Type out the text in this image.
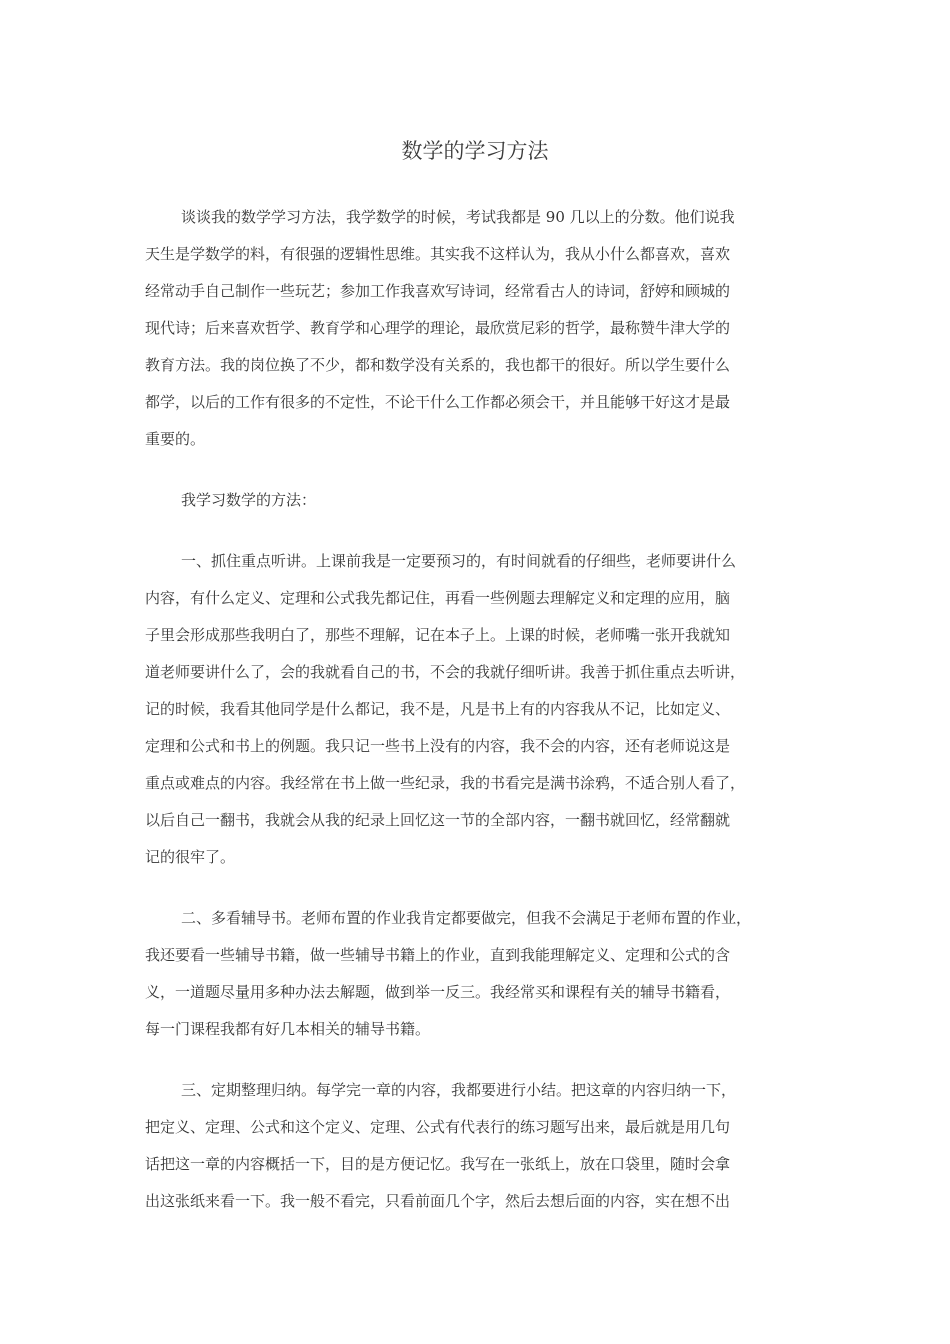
数学的学习方法
谈谈我的数学学习方法，我学数学的时候，考试我都是 90 几以上的分数。他们说我
天生是学数学的料，有很强的逻辑性思维。其实我不这样认为，我从小什么都喜欢，喜欢
经常动手自己制作一些玩艺；参加工作我喜欢写诗词，经常看古人的诗词，舒婷和顾城的
现代诗；后来喜欢哲学、教育学和心理学的理论，最欣赏尼彩的哲学，最称赞牛津大学的
教育方法。我的岗位换了不少，都和数学没有关系的，我也都干的很好。所以学生要什么
都学，以后的工作有很多的不定性，不论干什么工作都必须会干，并且能够干好这才是最
重要的。
我学习数学的方法：
一、抓住重点听讲。上课前我是一定要预习的，有时间就看的仔细些，老师要讲什么
内容，有什么定义、定理和公式我先都记住，再看一些例题去理解定义和定理的应用，脑
子里会形成那些我明白了，那些不理解，记在本子上。上课的时候，老师嘴一张开我就知
道老师要讲什么了，会的我就看自己的书，不会的我就仔细听讲。我善于抓住重点去听讲，
记的时候，我看其他同学是什么都记，我不是，凡是书上有的内容我从不记，比如定义、
定理和公式和书上的例题。我只记一些书上没有的内容，我不会的内容，还有老师说这是
重点或难点的内容。我经常在书上做一些纪录，我的书看完是满书涂鸦，不适合别人看了，
以后自己一翻书，我就会从我的纪录上回忆这一节的全部内容，一翻书就回忆，经常翻就
记的很牢了。
二、多看辅导书。老师布置的作业我肯定都要做完，但我不会满足于老师布置的作业，
我还要看一些辅导书籍，做一些辅导书籍上的作业，直到我能理解定义、定理和公式的含
义，一道题尽量用多种办法去解题，做到举一反三。我经常买和课程有关的辅导书籍看，
每一门课程我都有好几本相关的辅导书籍。
三、定期整理归纳。每学完一章的内容，我都要进行小结。把这章的内容归纳一下，
把定义、定理、公式和这个定义、定理、公式有代表行的练习题写出来，最后就是用几句
话把这一章的内容概括一下，目的是方便记忆。我写在一张纸上，放在口袋里，随时会拿
出这张纸来看一下。我一般不看完，只看前面几个字，然后去想后面的内容，实在想不出
